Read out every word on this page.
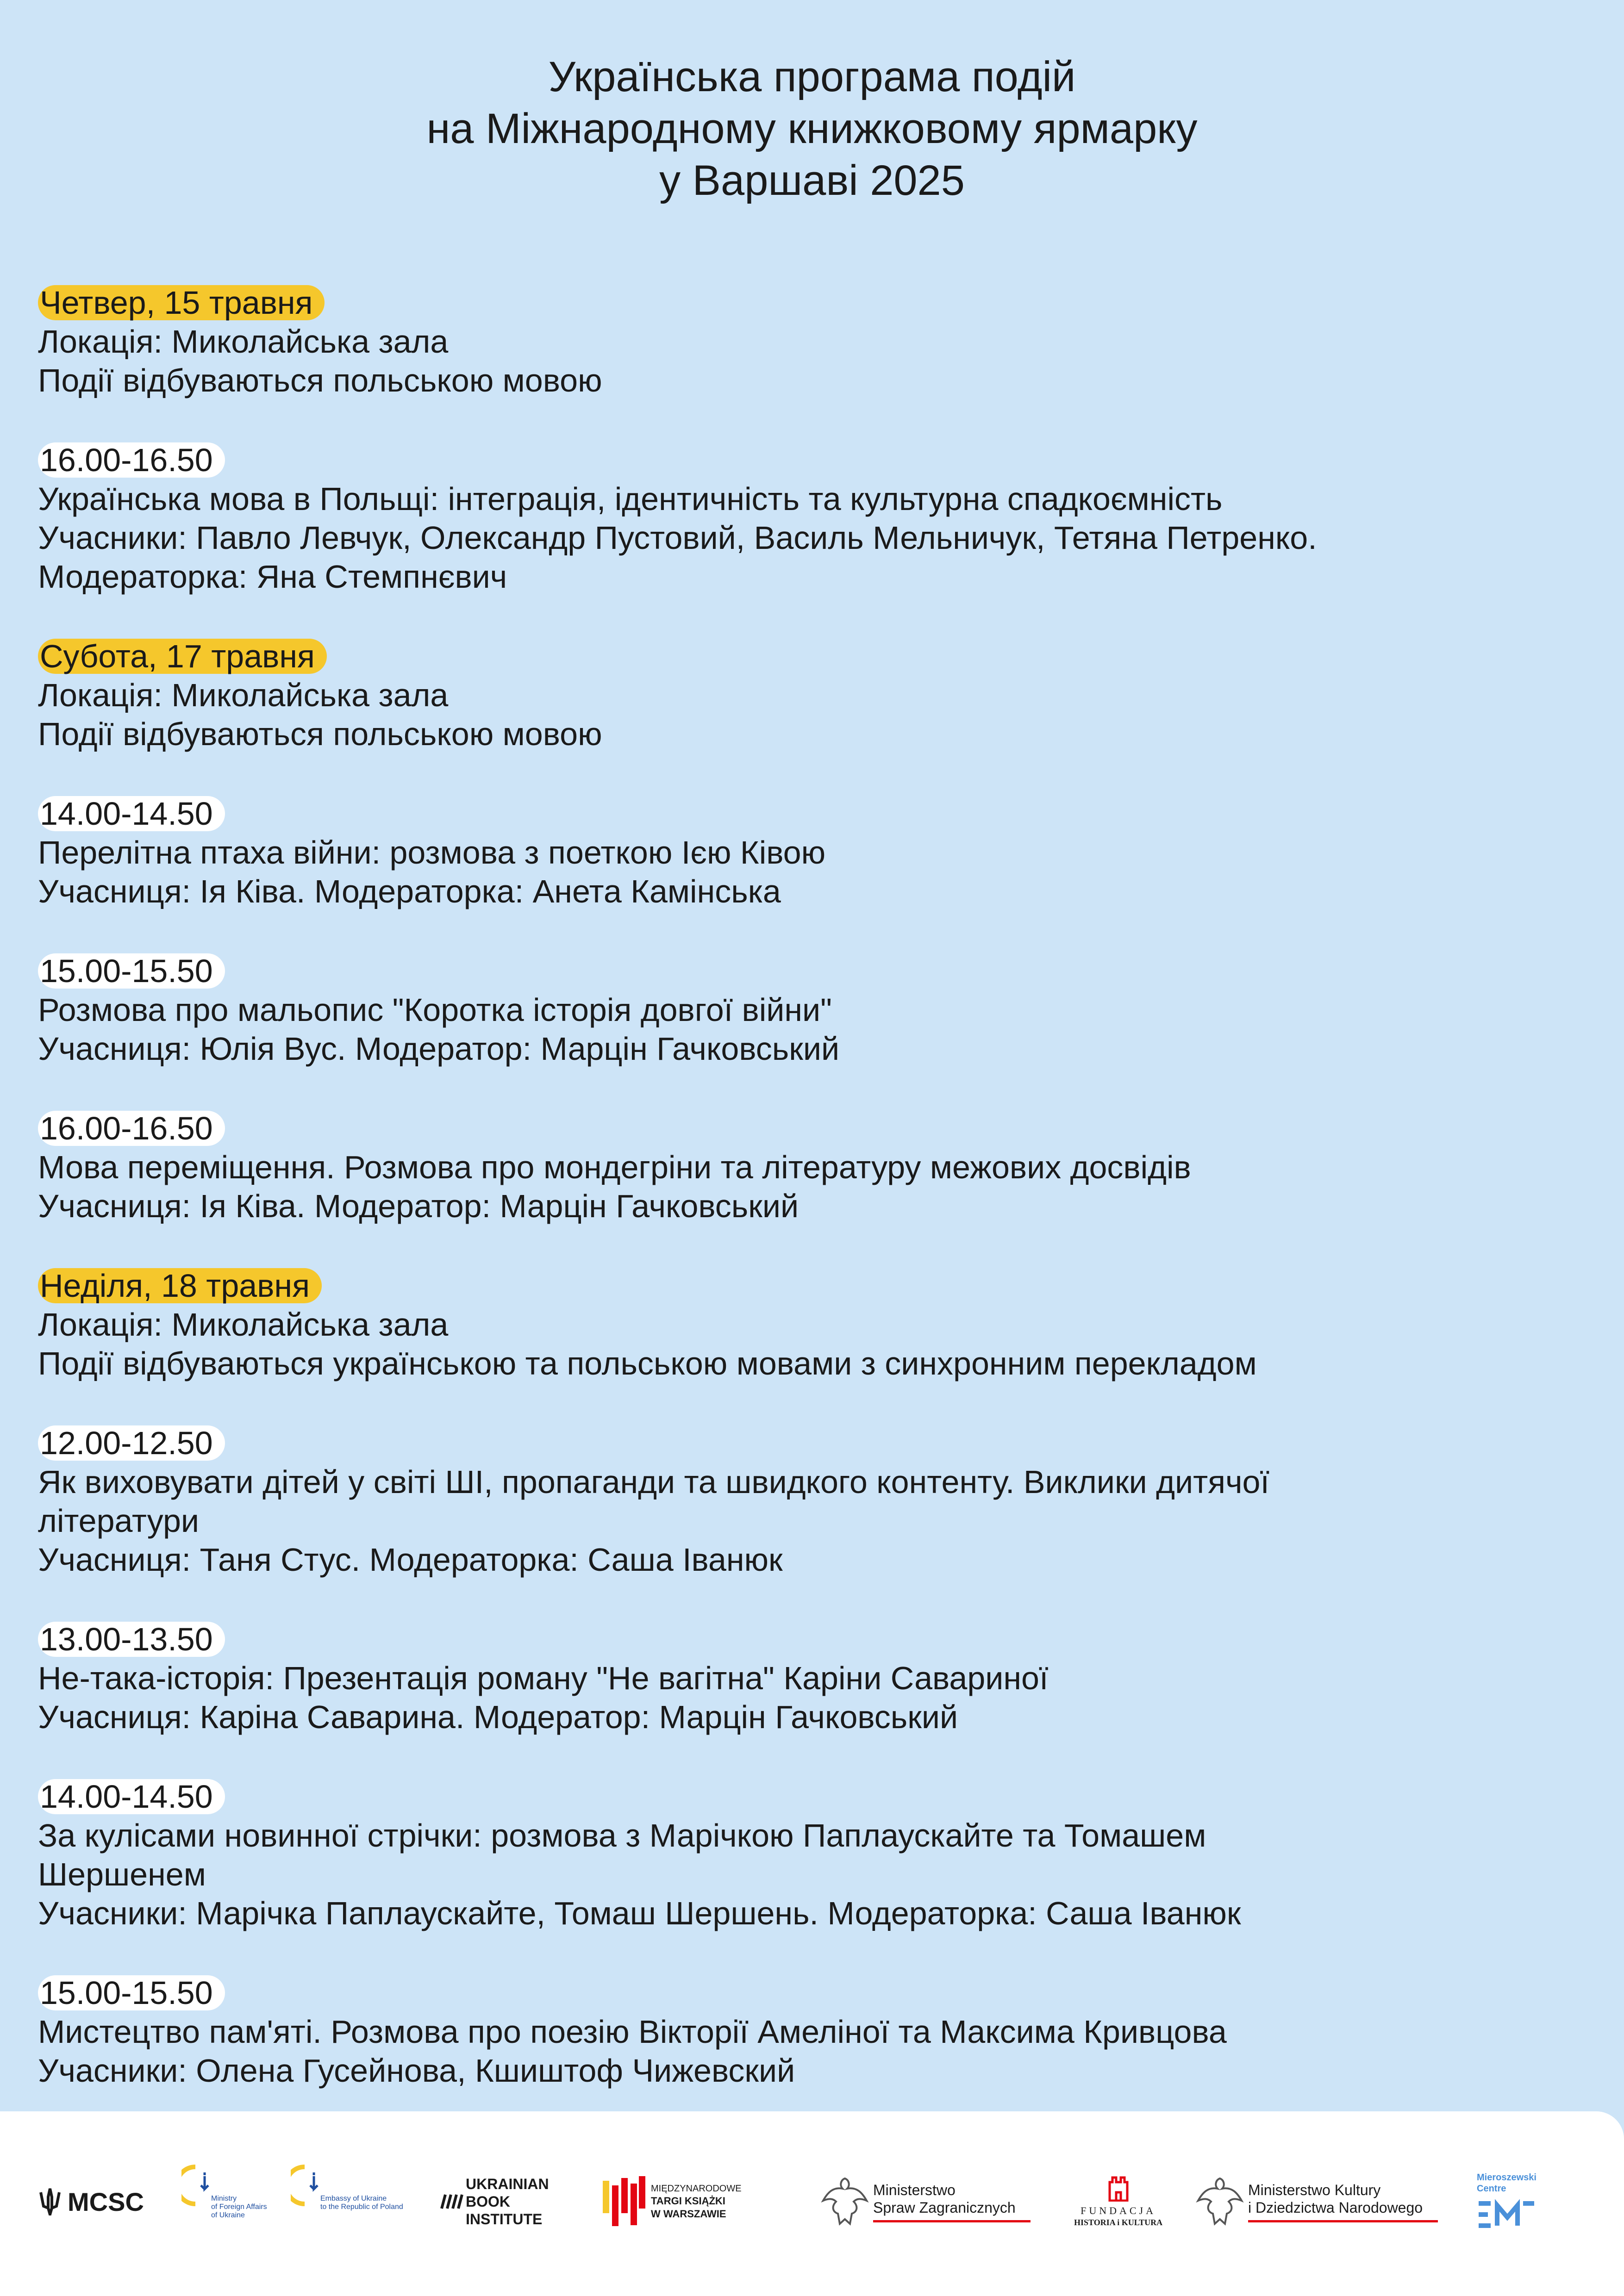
Українська програма подій
на Міжнародному книжковому ярмарку
у Варшаві 2025
Четвер, 15 травня
Локація: Миколайська зала
Події відбуваються польською мовою
16.00-16.50
Українська мова в Польщі: інтеграція, ідентичність та культурна спадкоємність
Учасники: Павло Левчук, Олександр Пустовий, Василь Мельничук, Тетяна Петренко.
Модераторка: Яна Стемпнєвич
Субота, 17 травня
Локація: Миколайська зала
Події відбуваються польською мовою
14.00-14.50
Перелітна птаха війни: розмова з поеткою Ією Ківою
Учасниця: Ія Ківа. Модераторка: Анета Камінська
15.00-15.50
Розмова про мальопис "Коротка історія довгої війни"
Учасниця: Юлія Вус. Модератор: Марцін Гачковський
16.00-16.50
Мова переміщення. Розмова про мондегріни та літературу межових досвідів
Учасниця: Ія Ківа. Модератор: Марцін Гачковський
Неділя, 18 травня
Локація: Миколайська зала
Події відбуваються українською та польською мовами з синхронним перекладом
12.00-12.50
Як виховувати дітей у світі ШІ, пропаганди та швидкого контенту. Виклики дитячої
літератури
Учасниця: Таня Стус. Модераторка: Саша Іванюк
13.00-13.50
Не-така-історія: Презентація роману "Не вагітна" Каріни Савариної
Учасниця: Каріна Саварина. Модератор: Марцін Гачковський
14.00-14.50
За кулісами новинної стрічки: розмова з Марічкою Паплаускайте та Томашем
Шершенем
Учасники: Марічка Паплаускайте, Томаш Шершень. Модераторка: Саша Іванюк
15.00-15.50
Мистецтво пам'яті. Розмова про поезію Вікторії Амеліної та Максима Кривцова
Учасники: Олена Гусейнова, Кшиштоф Чижевский
MCSC	Ministry
of Foreign Affairs
of Ukraine
Embassy of Ukraine
to the Republic of Poland
UKRAINIAN
BOOK
INSTITUTE
MIĘDZYNARODOWE
TARGI KSIĄŻKI
W WARSZAWIE
Ministerstwo
Spraw Zagranicznych	FUNDACJA
HISTORIA i KULTURA
Ministerstwo Kultury
i Dziedzictwa Narodowego
Mieroszewski
Centre
